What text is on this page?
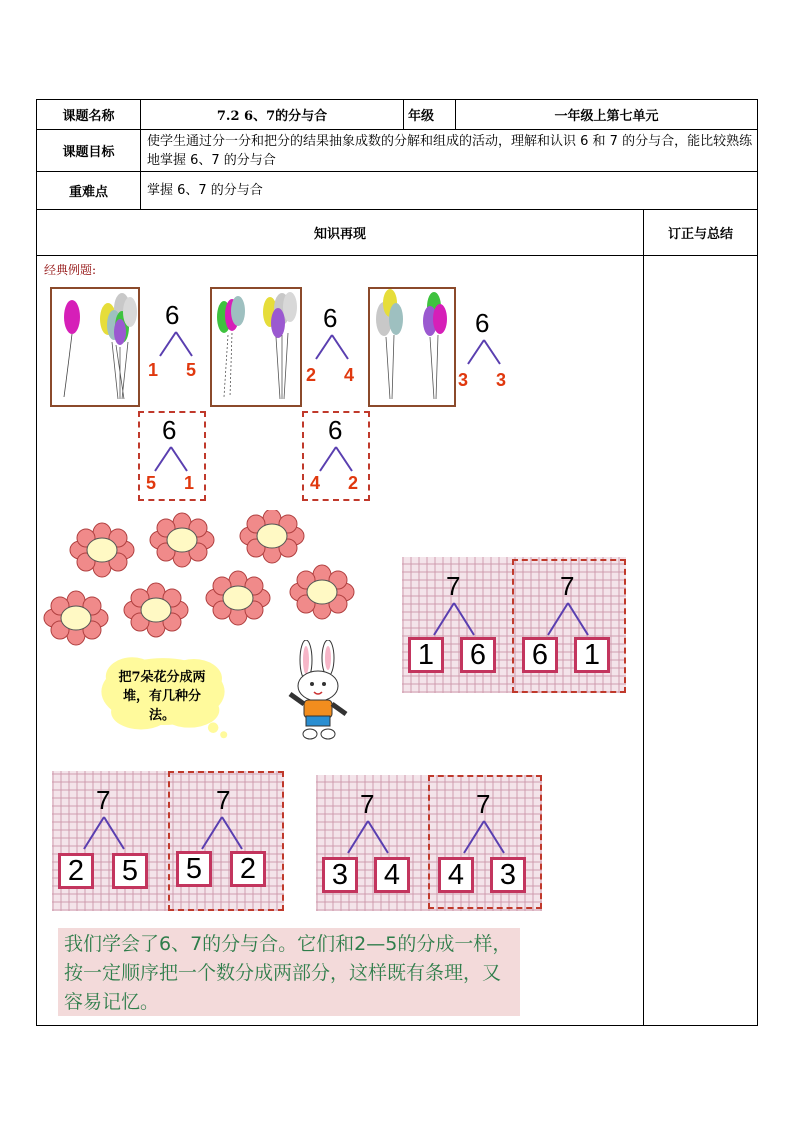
课题名称	7.2 6、7的分与合	年级	一年级上第七单元	
课题目标	使学生通过分一分和把分的结果抽象成数的分解和组成的活动，理解和认识 6 和 7 的分与合，能比较熟练地掌握 6、7 的分与合			
重难点	掌握 6、7 的分与合			
知识再现				订正与总结

经典例题:
6
1 5
6
2 4
6
3 3
6
5 1
6
4 2
把7朵花分成两堆，有几种分法。
7
1	6
7
6	1
7
2	5
7
5	2
7
3	4
7
4	3
我们学会了6、7的分与合。它们和2—5的分成一样，按一定顺序把一个数分成两部分，这样既有条理，又容易记忆。
